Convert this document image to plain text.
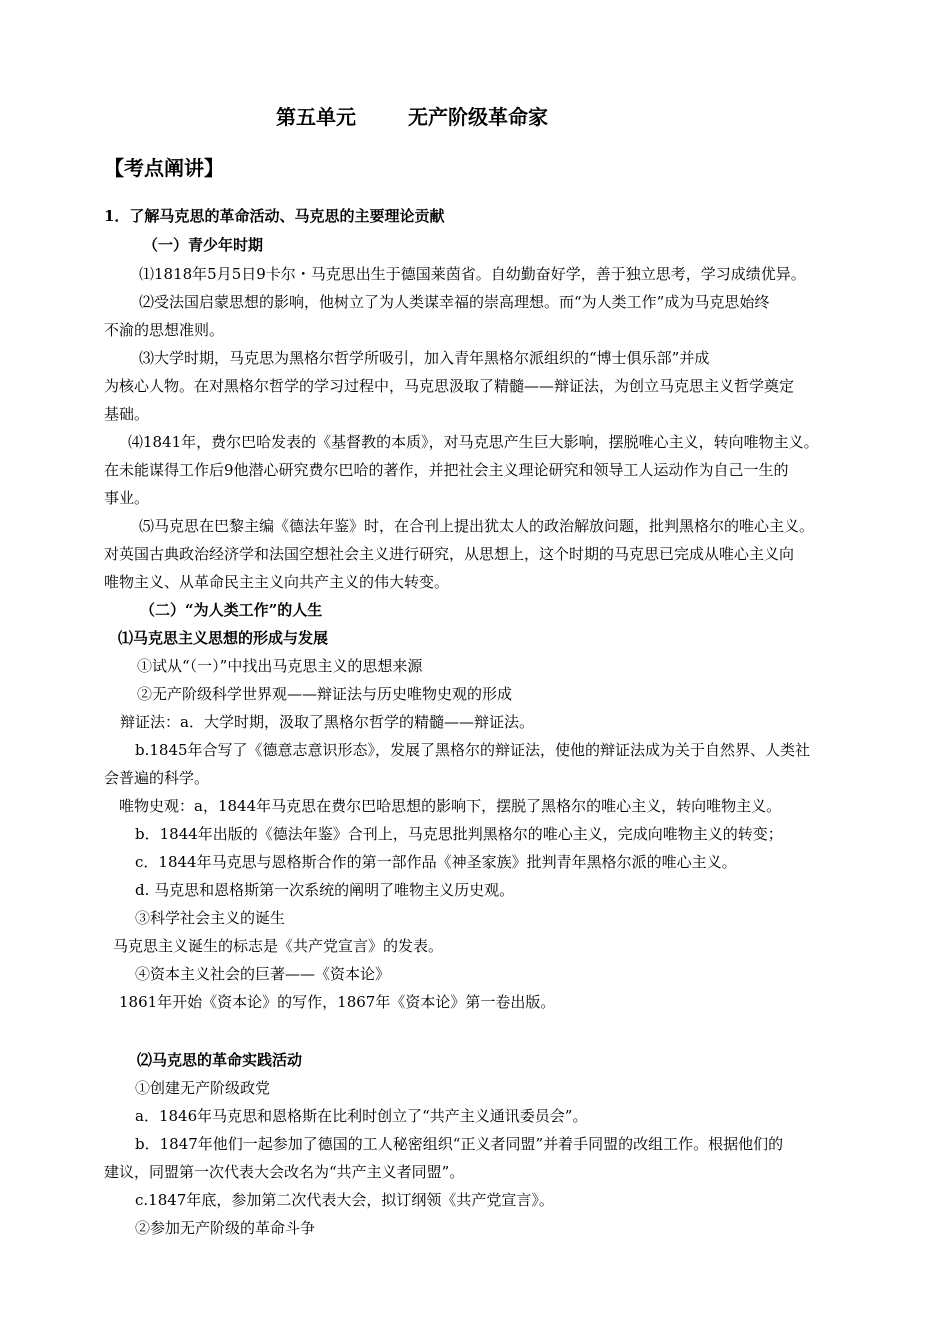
第五单元	无产阶级革命家
【考点阐讲】
1．了解马克思的革命活动、马克思的主要理论贡献
（一）青少年时期
⑴1818年5月5日9卡尔・马克思出生于德国莱茵省。自幼勤奋好学，善于独立思考，学习成绩优异。
⑵受法国启蒙思想的影响，他树立了为人类谋幸福的崇高理想。而“为人类工作”成为马克思始终
不渝的思想准则。
⑶大学时期，马克思为黑格尔哲学所吸引，加入青年黑格尔派组织的“博士俱乐部”并成
为核心人物。在对黑格尔哲学的学习过程中，马克思汲取了精髓——辩证法，为创立马克思主义哲学奠定
基础。
⑷1841年，费尔巴哈发表的《基督教的本质》，对马克思产生巨大影响，摆脱唯心主义，转向唯物主义。
在未能谋得工作后9他潜心研究费尔巴哈的著作，并把社会主义理论研究和领导工人运动作为自己一生的
事业。
⑸马克思在巴黎主编《德法年鉴》时，在合刊上提出犹太人的政治解放问题，批判黑格尔的唯心主义。
对英国古典政治经济学和法国空想社会主义进行研究，从思想上，这个时期的马克思已完成从唯心主义向
唯物主义、从革命民主主义向共产主义的伟大转变。
（二）“为人类工作”的人生
⑴马克思主义思想的形成与发展
①试从“（一）”中找出马克思主义的思想来源
②无产阶级科学世界观——辩证法与历史唯物史观的形成
辩证法：a．大学时期，汲取了黑格尔哲学的精髓——辩证法。
b.1845年合写了《德意志意识形态》，发展了黑格尔的辩证法，使他的辩证法成为关于自然界、人类社
会普遍的科学。
唯物史观：a，1844年马克思在费尔巴哈思想的影响下，摆脱了黑格尔的唯心主义，转向唯物主义。
b．1844年出版的《德法年鉴》合刊上，马克思批判黑格尔的唯心主义，完成向唯物主义的转变；
c．1844年马克思与恩格斯合作的第一部作品《神圣家族》批判青年黑格尔派的唯心主义。
d. 马克思和恩格斯第一次系统的阐明了唯物主义历史观。
③科学社会主义的诞生
马克思主义诞生的标志是《共产党宣言》的发表。
④资本主义社会的巨著——《资本论》
1861年开始《资本论》的写作，1867年《资本论》第一卷出版。
⑵马克思的革命实践活动
①创建无产阶级政党
a．1846年马克思和恩格斯在比利时创立了“共产主义通讯委员会”。
b．1847年他们一起参加了德国的工人秘密组织“正义者同盟”并着手同盟的改组工作。根据他们的
建议，同盟第一次代表大会改名为“共产主义者同盟”。
c.1847年底，参加第二次代表大会，拟订纲领《共产党宣言》。
②参加无产阶级的革命斗争
